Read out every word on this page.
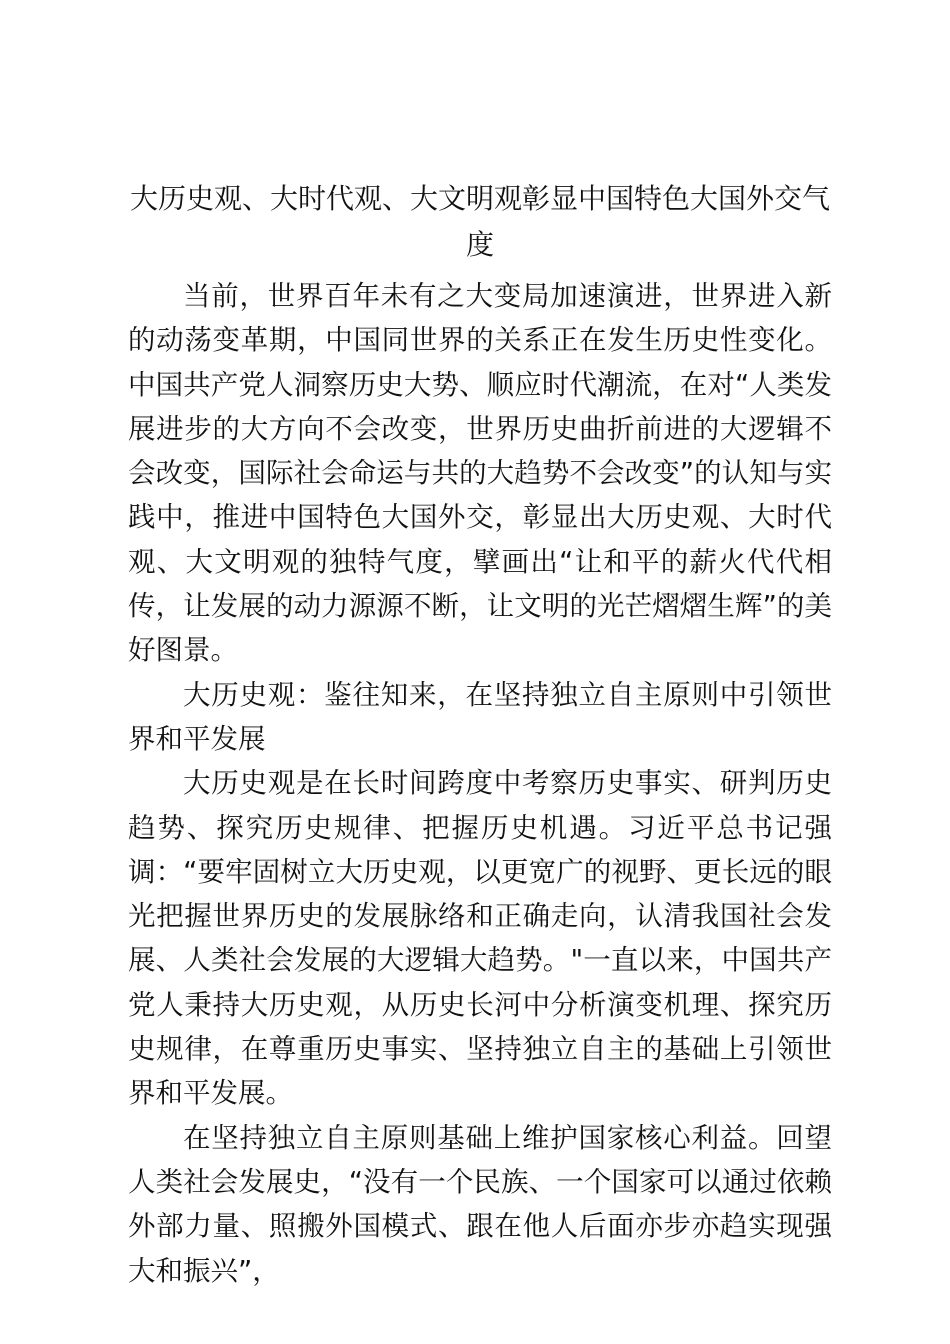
大历史观、大时代观、大文明观彰显中国特色大国外交气度

当前，世界百年未有之大变局加速演进，世界进入新的动荡变革期，中国同世界的关系正在发生历史性变化。中国共产党人洞察历史大势、顺应时代潮流，在对“人类发展进步的大方向不会改变，世界历史曲折前进的大逻辑不会改变，国际社会命运与共的大趋势不会改变”的认知与实践中，推进中国特色大国外交，彰显出大历史观、大时代观、大文明观的独特气度，擘画出“让和平的薪火代代相传，让发展的动力源源不断，让文明的光芒熠熠生辉”的美好图景。

大历史观：鉴往知来，在坚持独立自主原则中引领世界和平发展

大历史观是在长时间跨度中考察历史事实、研判历史趋势、探究历史规律、把握历史机遇。习近平总书记强调：“要牢固树立大历史观，以更宽广的视野、更长远的眼光把握世界历史的发展脉络和正确走向，认清我国社会发展、人类社会发展的大逻辑大趋势。"一直以来，中国共产党人秉持大历史观，从历史长河中分析演变机理、探究历史规律，在尊重历史事实、坚持独立自主的基础上引领世界和平发展。

在坚持独立自主原则基础上维护国家核心利益。回望人类社会发展史，“没有一个民族、一个国家可以通过依赖外部力量、照搬外国模式、跟在他人后面亦步亦趋实现强大和振兴”，
